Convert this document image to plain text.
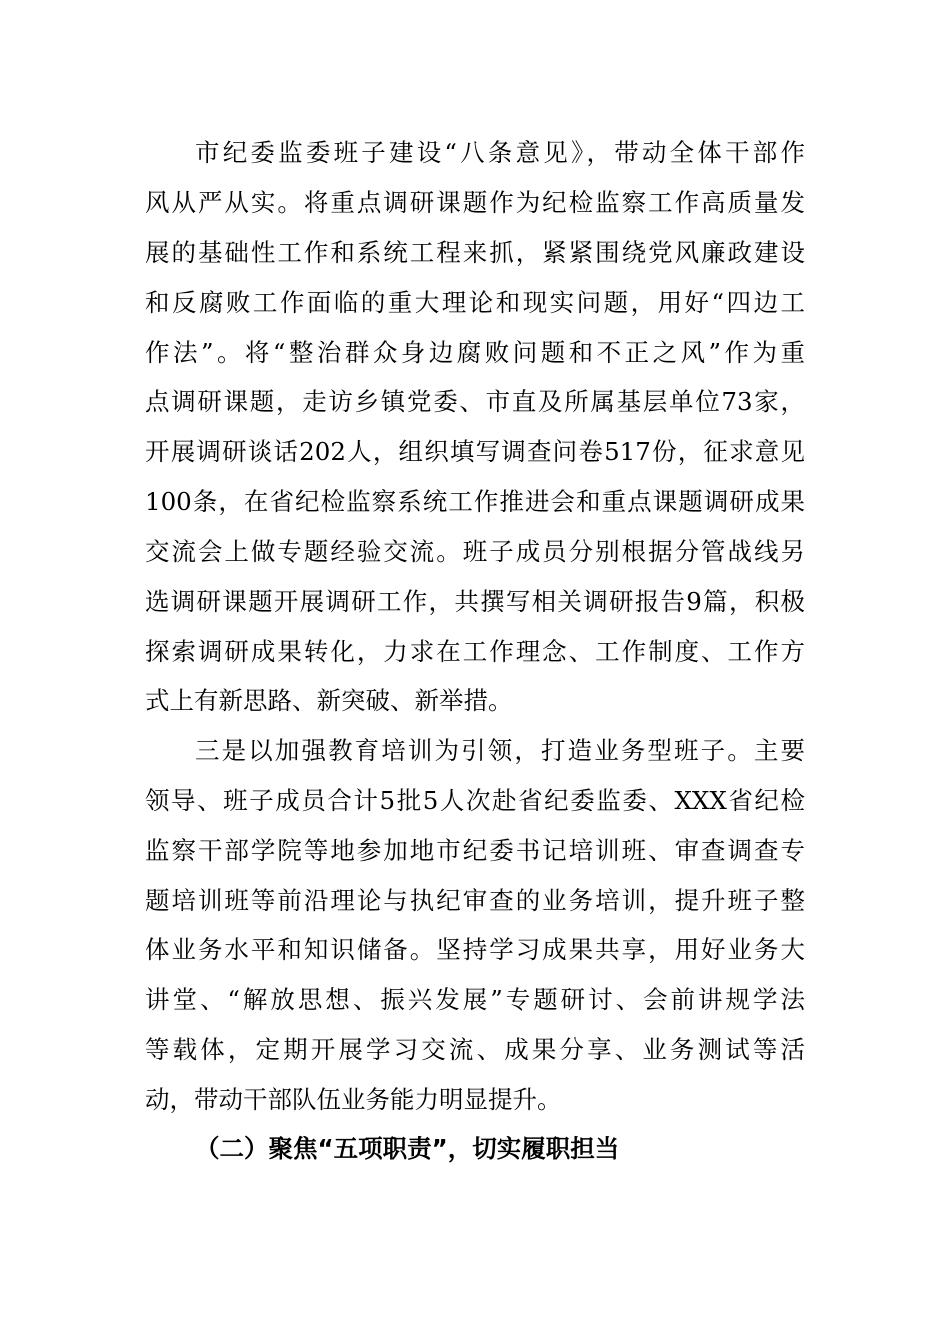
市纪委监委班子建设“八条意见》，带动全体干部作
风从严从实。将重点调研课题作为纪检监察工作高质量发
展的基础性工作和系统工程来抓，紧紧围绕党风廉政建设
和反腐败工作面临的重大理论和现实问题，用好“四边工
作法”。将“整治群众身边腐败问题和不正之风”作为重
点调研课题，走访乡镇党委、市直及所属基层单位73家，
开展调研谈话202人，组织填写调查问卷517份，征求意见
100条，在省纪检监察系统工作推进会和重点课题调研成果
交流会上做专题经验交流。班子成员分别根据分管战线另
选调研课题开展调研工作，共撰写相关调研报告9篇，积极
探索调研成果转化，力求在工作理念、工作制度、工作方
式上有新思路、新突破、新举措。
三是以加强教育培训为引领，打造业务型班子。主要
领导、班子成员合计5批5人次赴省纪委监委、XXX省纪检
监察干部学院等地参加地市纪委书记培训班、审查调查专
题培训班等前沿理论与执纪审查的业务培训，提升班子整
体业务水平和知识储备。坚持学习成果共享，用好业务大
讲堂、“解放思想、振兴发展”专题研讨、会前讲规学法
等载体，定期开展学习交流、成果分享、业务测试等活
动，带动干部队伍业务能力明显提升。
（二）聚焦“五项职责”，切实履职担当
